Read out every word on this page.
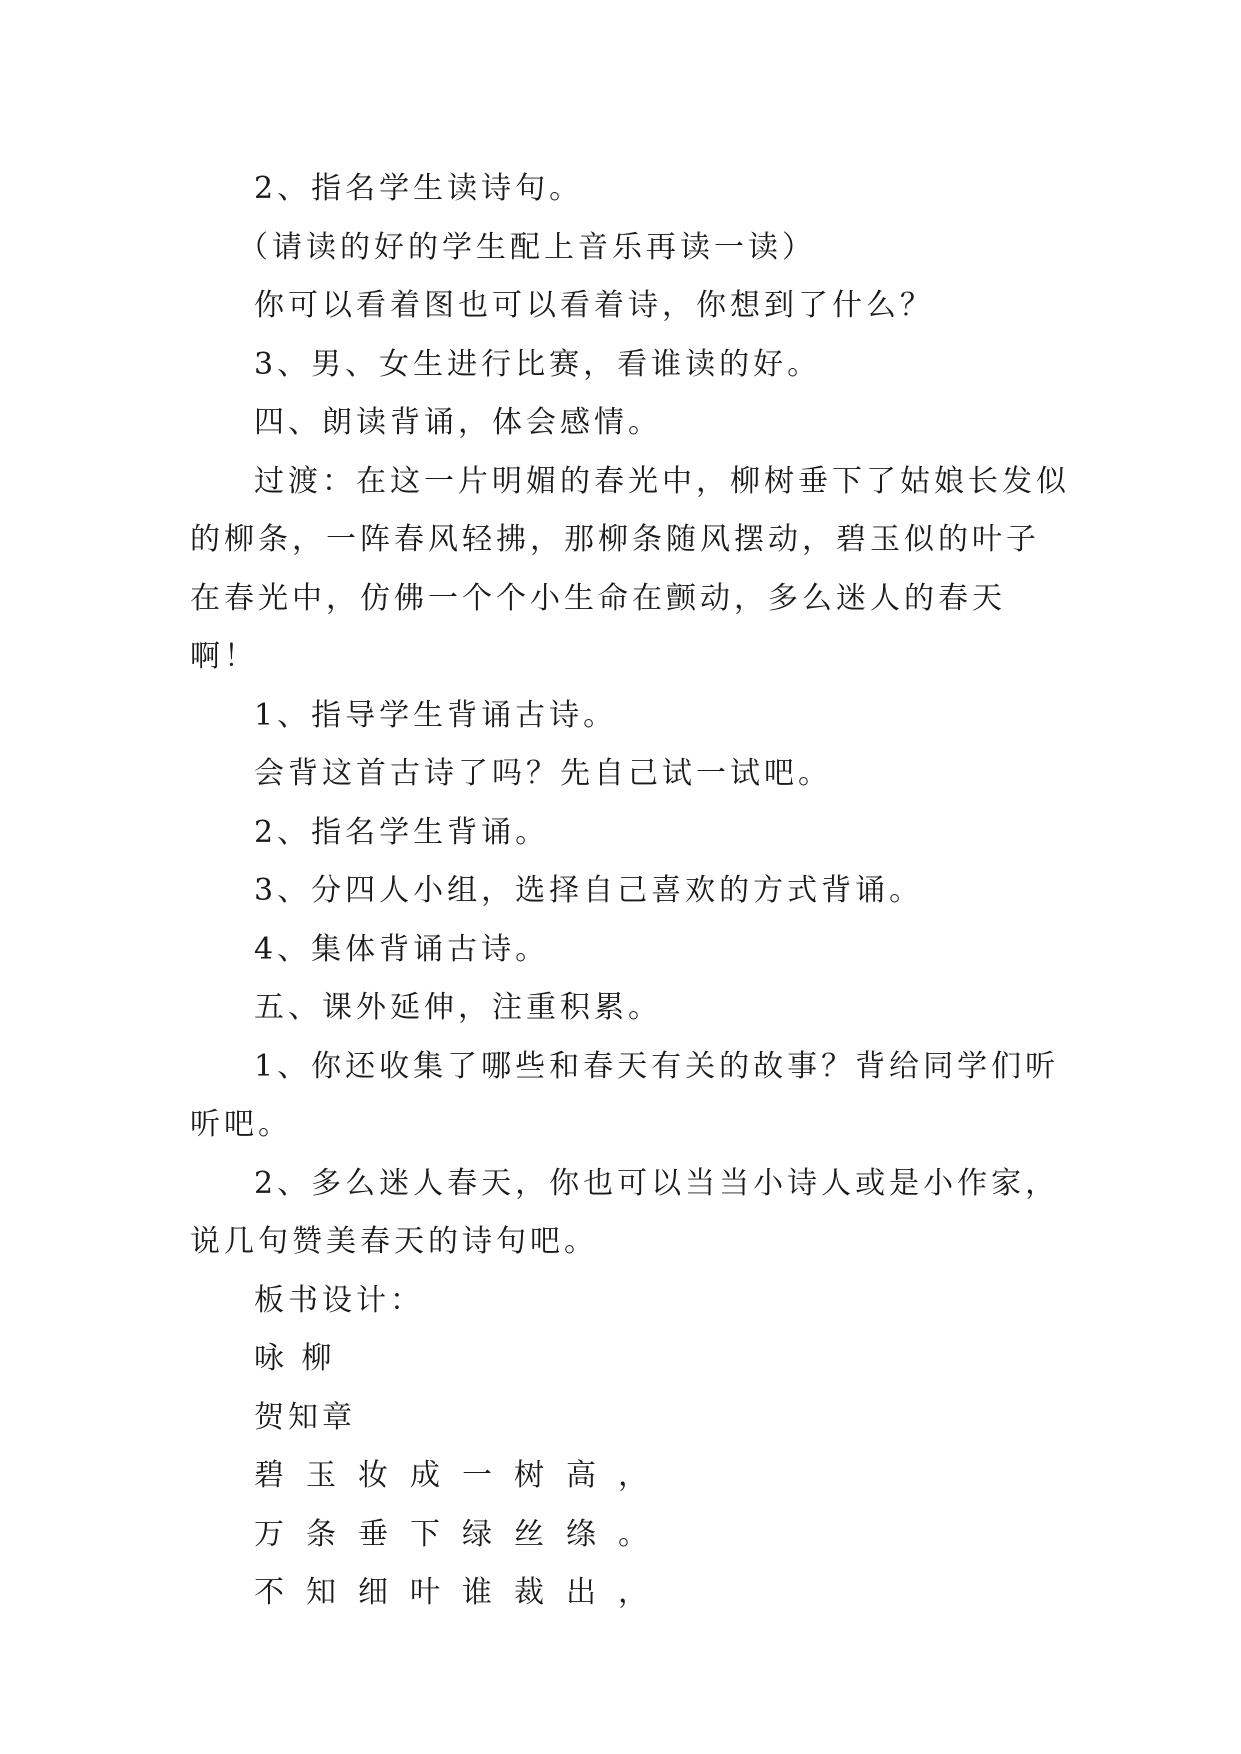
2、指名学生读诗句。

（请读的好的学生配上音乐再读一读）

你可以看着图也可以看着诗，你想到了什么？

3、男、女生进行比赛，看谁读的好。

四、朗读背诵，体会感情。

过渡：在这一片明媚的春光中，柳树垂下了姑娘长发似的柳条，一阵春风轻拂，那柳条随风摆动，碧玉似的叶子在春光中，仿佛一个个小生命在颤动，多么迷人的春天啊！

1、指导学生背诵古诗。

会背这首古诗了吗？先自己试一试吧。

2、指名学生背诵。

3、分四人小组，选择自己喜欢的方式背诵。

4、集体背诵古诗。

五、课外延伸，注重积累。

1、你还收集了哪些和春天有关的故事？背给同学们听听吧。

2、多么迷人春天，你也可以当当小诗人或是小作家，说几句赞美春天的诗句吧。

板书设计：

咏 柳

贺知章

碧玉妆成一树高，

万条垂下绿丝绦。

不知细叶谁裁出，
